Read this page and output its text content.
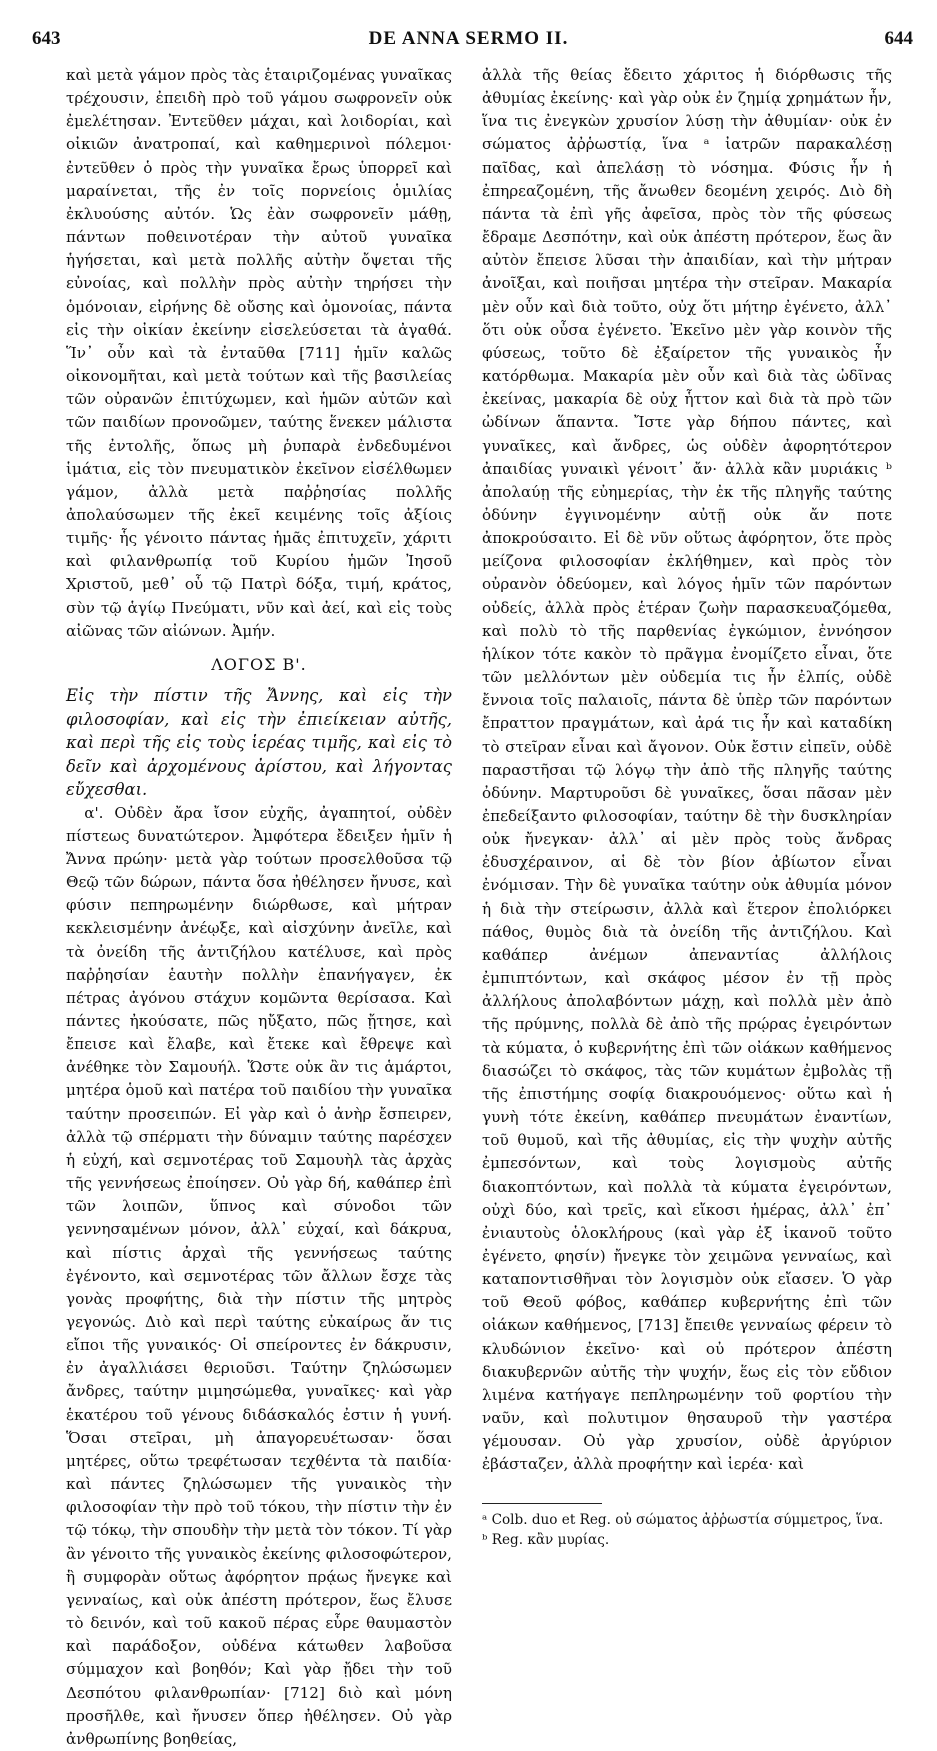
643	DE ANNA SERMO II.	644

καὶ μετὰ γάμον πρὸς τὰς ἑταιριζομένας γυναῖκας τρέχουσιν, ἐπειδὴ πρὸ τοῦ γάμου σωφρονεῖν οὐκ ἐμελέτησαν. Ἐντεῦθεν μάχαι, καὶ λοιδορίαι, καὶ οἰκιῶν ἀνατροπαί, καὶ καθημερινοὶ πόλεμοι· ἐντεῦθεν ὁ πρὸς τὴν γυναῖκα ἔρως ὑπορρεῖ καὶ μαραίνεται, τῆς ἐν τοῖς πορνείοις ὁμιλίας ἐκλυούσης αὐτόν. Ὡς ἐὰν σωφρονεῖν μάθῃ, πάντων ποθεινοτέραν τὴν αὐτοῦ γυναῖκα ἡγήσεται, καὶ μετὰ πολλῆς αὐτὴν ὄψεται τῆς εὐνοίας, καὶ πολλὴν πρὸς αὐτὴν τηρήσει τὴν ὁμόνοιαν, εἰρήνης δὲ οὔσης καὶ ὁμονοίας, πάντα εἰς τὴν οἰκίαν ἐκείνην εἰσελεύσεται τὰ ἀγαθά. Ἵν᾽ οὖν καὶ τὰ ἐνταῦθα [711] ἡμῖν καλῶς οἰκονομῆται, καὶ μετὰ τούτων καὶ τῆς βασιλείας τῶν οὐρανῶν ἐπιτύχωμεν, καὶ ἡμῶν αὐτῶν καὶ τῶν παιδίων προνοῶμεν, ταύτης ἕνεκεν μάλιστα τῆς ἐντολῆς, ὅπως μὴ ῥυπαρὰ ἐνδεδυμένοι ἱμάτια, εἰς τὸν πνευματικὸν ἐκεῖνον εἰσέλθωμεν γάμον, ἀλλὰ μετὰ παῤῥησίας πολλῆς ἀπολαύσωμεν τῆς ἐκεῖ κειμένης τοῖς ἀξίοις τιμῆς· ἧς γένοιτο πάντας ἡμᾶς ἐπιτυχεῖν, χάριτι καὶ φιλανθρωπίᾳ τοῦ Κυρίου ἡμῶν Ἰησοῦ Χριστοῦ, μεθ᾽ οὗ τῷ Πατρὶ δόξα, τιμή, κράτος, σὺν τῷ ἁγίῳ Πνεύματι, νῦν καὶ ἀεί, καὶ εἰς τοὺς αἰῶνας τῶν αἰώνων. Ἀμήν.

ΛΟΓΟΣ Β'.

Εἰς τὴν πίστιν τῆς Ἄννης, καὶ εἰς τὴν φιλοσοφίαν, καὶ εἰς τὴν ἐπιείκειαν αὐτῆς, καὶ περὶ τῆς εἰς τοὺς ἱερέας τιμῆς, καὶ εἰς τὸ δεῖν καὶ ἀρχομένους ἀρίστου, καὶ λήγοντας εὔχεσθαι.

α'. Οὐδὲν ἄρα ἴσον εὐχῆς, ἀγαπητοί, οὐδὲν πίστεως δυνατώτερον. Ἀμφότερα ἔδειξεν ἡμῖν ἡ Ἄννα πρώην· μετὰ γὰρ τούτων προσελθοῦσα τῷ Θεῷ τῶν δώρων, πάντα ὅσα ἠθέλησεν ἤνυσε, καὶ φύσιν πεπηρωμένην διώρθωσε, καὶ μήτραν κεκλεισμένην ἀνέῳξε, καὶ αἰσχύνην ἀνεῖλε, καὶ τὰ ὀνείδη τῆς ἀντιζήλου κατέλυσε, καὶ πρὸς παῤῥησίαν ἑαυτὴν πολλὴν ἐπανήγαγεν, ἐκ πέτρας ἀγόνου στάχυν κομῶντα θερίσασα. Καὶ πάντες ἠκούσατε, πῶς ηὔξατο, πῶς ᾔτησε, καὶ ἔπεισε καὶ ἔλαβε, καὶ ἔτεκε καὶ ἔθρεψε καὶ ἀνέθηκε τὸν Σαμουήλ. Ὥστε οὐκ ἂν τις ἁμάρτοι, μητέρα ὁμοῦ καὶ πατέρα τοῦ παιδίου τὴν γυναῖκα ταύτην προσειπών. Εἰ γὰρ καὶ ὁ ἀνὴρ ἔσπειρεν, ἀλλὰ τῷ σπέρματι τὴν δύναμιν ταύτης παρέσχεν ἡ εὐχή, καὶ σεμνοτέρας τοῦ Σαμουὴλ τὰς ἀρχὰς τῆς γεννήσεως ἐποίησεν. Οὐ γὰρ δή, καθάπερ ἐπὶ τῶν λοιπῶν, ὕπνος καὶ σύνοδοι τῶν γεννησαμένων μόνον, ἀλλ᾽ εὐχαί, καὶ δάκρυα, καὶ πίστις ἀρχαὶ τῆς γεννήσεως ταύτης ἐγένοντο, καὶ σεμνοτέρας τῶν ἄλλων ἔσχε τὰς γονὰς προφήτης, διὰ τὴν πίστιν τῆς μητρὸς γεγονώς. Διὸ καὶ περὶ ταύτης εὐκαίρως ἄν τις εἴποι τῆς γυναικός· Οἱ σπείροντες ἐν δάκρυσιν, ἐν ἀγαλλιάσει θεριοῦσι. Ταύτην ζηλώσωμεν ἄνδρες, ταύτην μιμησώμεθα, γυναῖκες· καὶ γὰρ ἑκατέρου τοῦ γένους διδάσκαλός ἐστιν ἡ γυνή. Ὅσαι στεῖραι, μὴ ἀπαγορευέτωσαν· ὅσαι μητέρες, οὕτω τρεφέτωσαν τεχθέντα τὰ παιδία· καὶ πάντες ζηλώσωμεν τῆς γυναικὸς τὴν φιλοσοφίαν τὴν πρὸ τοῦ τόκου, τὴν πίστιν τὴν ἐν τῷ τόκῳ, τὴν σπουδὴν τὴν μετὰ τὸν τόκον. Τί γὰρ ἂν γένοιτο τῆς γυναικὸς ἐκείνης φιλοσοφώτερον, ἣ συμφορὰν οὕτως ἀφόρητον πρᾴως ἤνεγκε καὶ γενναίως, καὶ οὐκ ἀπέστη πρότερον, ἕως ἔλυσε τὸ δεινόν, καὶ τοῦ κακοῦ πέρας εὗρε θαυμαστὸν καὶ παράδοξον, οὐδένα κάτωθεν λαβοῦσα σύμμαχον καὶ βοηθόν; Καὶ γὰρ ᾔδει τὴν τοῦ Δεσπότου φιλανθρωπίαν· [712] διὸ καὶ μόνη προσῆλθε, καὶ ἤνυσεν ὅπερ ἠθέλησεν. Οὐ γὰρ ἀνθρωπίνης βοηθείας,

ἀλλὰ τῆς θείας ἔδειτο χάριτος ἡ διόρθωσις τῆς ἀθυμίας ἐκείνης· καὶ γὰρ οὐκ ἐν ζημίᾳ χρημάτων ἦν, ἵνα τις ἐνεγκὼν χρυσίον λύσῃ τὴν ἀθυμίαν· οὐκ ἐν σώματος ἀῤῥωστίᾳ, ἵνα ᵃ ἰατρῶν παρακαλέσῃ παῖδας, καὶ ἀπελάσῃ τὸ νόσημα. Φύσις ἦν ἡ ἐπηρεαζομένη, τῆς ἄνωθεν δεομένη χειρός. Διὸ δὴ πάντα τὰ ἐπὶ γῆς ἀφεῖσα, πρὸς τὸν τῆς φύσεως ἔδραμε Δεσπότην, καὶ οὐκ ἀπέστη πρότερον, ἕως ἂν αὐτὸν ἔπεισε λῦσαι τὴν ἀπαιδίαν, καὶ τὴν μήτραν ἀνοῖξαι, καὶ ποιῆσαι μητέρα τὴν στεῖραν. Μακαρία μὲν οὖν καὶ διὰ τοῦτο, οὐχ ὅτι μήτηρ ἐγένετο, ἀλλ᾽ ὅτι οὐκ οὖσα ἐγένετο. Ἐκεῖνο μὲν γὰρ κοινὸν τῆς φύσεως, τοῦτο δὲ ἐξαίρετον τῆς γυναικὸς ἦν κατόρθωμα. Μακαρία μὲν οὖν καὶ διὰ τὰς ὠδῖνας ἐκείνας, μακαρία δὲ οὐχ ἧττον καὶ διὰ τὰ πρὸ τῶν ὠδίνων ἅπαντα. Ἴστε γὰρ δήπου πάντες, καὶ γυναῖκες, καὶ ἄνδρες, ὡς οὐδὲν ἀφορητότερον ἀπαιδίας γυναικὶ γένοιτ᾽ ἄν· ἀλλὰ κἂν μυριάκις ᵇ ἀπολαύῃ τῆς εὐημερίας, τὴν ἐκ τῆς πληγῆς ταύτης ὀδύνην ἐγγινομένην αὐτῇ οὐκ ἄν ποτε ἀποκρούσαιτο. Εἰ δὲ νῦν οὕτως ἀφόρητον, ὅτε πρὸς μείζονα φιλοσοφίαν ἐκλήθημεν, καὶ πρὸς τὸν οὐρανὸν ὁδεύομεν, καὶ λόγος ἡμῖν τῶν παρόντων οὐδείς, ἀλλὰ πρὸς ἑτέραν ζωὴν παρασκευαζόμεθα, καὶ πολὺ τὸ τῆς παρθενίας ἐγκώμιον, ἐννόησον ἡλίκον τότε κακὸν τὸ πρᾶγμα ἐνομίζετο εἶναι, ὅτε τῶν μελλόντων μὲν οὐδεμία τις ἦν ἐλπίς, οὐδὲ ἔννοια τοῖς παλαιοῖς, πάντα δὲ ὑπὲρ τῶν παρόντων ἔπραττον πραγμάτων, καὶ ἀρά τις ἦν καὶ καταδίκη τὸ στεῖραν εἶναι καὶ ἄγονον. Οὐκ ἔστιν εἰπεῖν, οὐδὲ παραστῆσαι τῷ λόγῳ τὴν ἀπὸ τῆς πληγῆς ταύτης ὀδύνην. Μαρτυροῦσι δὲ γυναῖκες, ὅσαι πᾶσαν μὲν ἐπεδείξαντο φιλοσοφίαν, ταύτην δὲ τὴν δυσκληρίαν οὐκ ἤνεγκαν· ἀλλ᾽ αἱ μὲν πρὸς τοὺς ἄνδρας ἐδυσχέραινον, αἱ δὲ τὸν βίον ἀβίωτον εἶναι ἐνόμισαν. Τὴν δὲ γυναῖκα ταύτην οὐκ ἀθυμία μόνον ἡ διὰ τὴν στείρωσιν, ἀλλὰ καὶ ἕτερον ἐπολιόρκει πάθος, θυμὸς διὰ τὰ ὀνείδη τῆς ἀντιζήλου. Καὶ καθάπερ ἀνέμων ἀπεναντίας ἀλλήλοις ἐμπιπτόντων, καὶ σκάφος μέσον ἐν τῇ πρὸς ἀλλήλους ἀπολαβόντων μάχῃ, καὶ πολλὰ μὲν ἀπὸ τῆς πρύμνης, πολλὰ δὲ ἀπὸ τῆς πρῴρας ἐγειρόντων τὰ κύματα, ὁ κυβερνήτης ἐπὶ τῶν οἰάκων καθήμενος διασώζει τὸ σκάφος, τὰς τῶν κυμάτων ἐμβολὰς τῇ τῆς ἐπιστήμης σοφίᾳ διακρουόμενος· οὕτω καὶ ἡ γυνὴ τότε ἐκείνη, καθάπερ πνευμάτων ἐναντίων, τοῦ θυμοῦ, καὶ τῆς ἀθυμίας, εἰς τὴν ψυχὴν αὐτῆς ἐμπεσόντων, καὶ τοὺς λογισμοὺς αὐτῆς διακοπτόντων, καὶ πολλὰ τὰ κύματα ἐγειρόντων, οὐχὶ δύο, καὶ τρεῖς, καὶ εἴκοσι ἡμέρας, ἀλλ᾽ ἐπ᾽ ἐνιαυτοὺς ὁλοκλήρους (καὶ γὰρ ἐξ ἱκανοῦ τοῦτο ἐγένετο, φησίν) ἤνεγκε τὸν χειμῶνα γενναίως, καὶ καταποντισθῆναι τὸν λογισμὸν οὐκ εἴασεν. Ὁ γὰρ τοῦ Θεοῦ φόβος, καθάπερ κυβερνήτης ἐπὶ τῶν οἰάκων καθήμενος, [713] ἔπειθε γενναίως φέρειν τὸ κλυδώνιον ἐκεῖνο· καὶ οὐ πρότερον ἀπέστη διακυβερνῶν αὐτῆς τὴν ψυχήν, ἕως εἰς τὸν εὔδιον λιμένα κατήγαγε πεπληρωμένην τοῦ φορτίου τὴν ναῦν, καὶ πολυτιμον θησαυροῦ τὴν γαστέρα γέμουσαν. Οὐ γὰρ χρυσίον, οὐδὲ ἀργύριον ἐβάσταζεν, ἀλλὰ προφήτην καὶ ἱερέα· καὶ

ᵃ Colb. duo et Reg. οὐ σώματος ἀῤῥωστία σύμμετρος, ἵνα.

ᵇ Reg. κἂν μυρίας.
